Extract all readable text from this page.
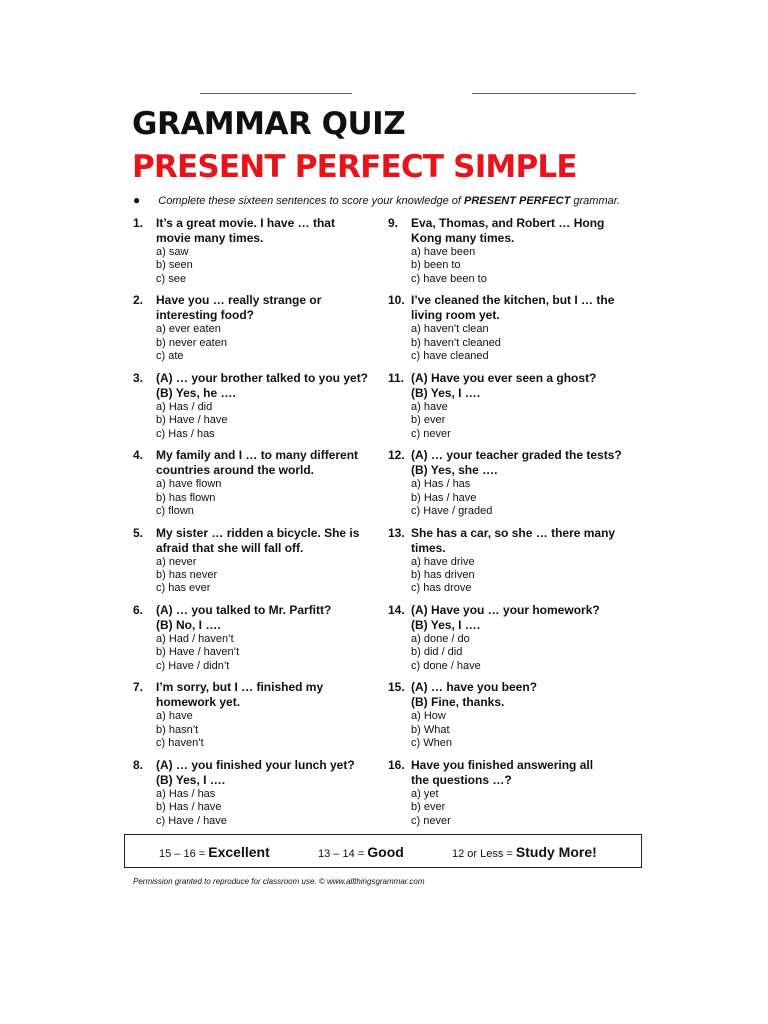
GRAMMAR QUIZ
PRESENT PERFECT SIMPLE
● Complete these sixteen sentences to score your knowledge of PRESENT PERFECT grammar.
1.	It’s a great movie. I have … that
movie many times.
a) saw
b) seen
c) see
2.	Have you … really strange or
interesting food?
a) ever eaten
b) never eaten
c) ate
3.	(A) … your brother talked to you yet?
(B) Yes, he ….
a) Has / did
b) Have / have
c) Has / has
4.	My family and I … to many different
countries around the world.
a) have flown
b) has flown
c) flown
5.	My sister … ridden a bicycle. She is
afraid that she will fall off.
a) never
b) has never
c) has ever
6.	(A) … you talked to Mr. Parfitt?
(B) No, I ….
a) Had / haven’t
b) Have / haven’t
c) Have / didn’t
7.	I’m sorry, but I … finished my
homework yet.
a) have
b) hasn’t
c) haven’t
8.	(A) … you finished your lunch yet?
(B) Yes, I ….
a) Has / has
b) Has / have
c) Have / have
9.	Eva, Thomas, and Robert … Hong
Kong many times.
a) have been
b) been to
c) have been to
10. I’ve cleaned the kitchen, but I … the
living room yet.
a) haven’t clean
b) haven’t cleaned
c) have cleaned
11. (A) Have you ever seen a ghost?
(B) Yes, I ….
a) have
b) ever
c) never
12. (A) … your teacher graded the tests?
(B) Yes, she ….
a) Has / has
b) Has / have
c) Have / graded
13. She has a car, so she … there many
times.
a) have drive
b) has driven
c) has drove
14. (A) Have you … your homework?
(B) Yes, I ….
a) done / do
b) did / did
c) done / have
15. (A) … have you been?
(B) Fine, thanks.
a) How
b) What
c) When
16. Have you finished answering all
the questions …?
a) yet
b) ever
c) never
15 – 16 = Excellent	13 – 14 = Good	12 or Less = Study More!
Permission granted to reproduce for classroom use. © www.allthingsgrammar.com
